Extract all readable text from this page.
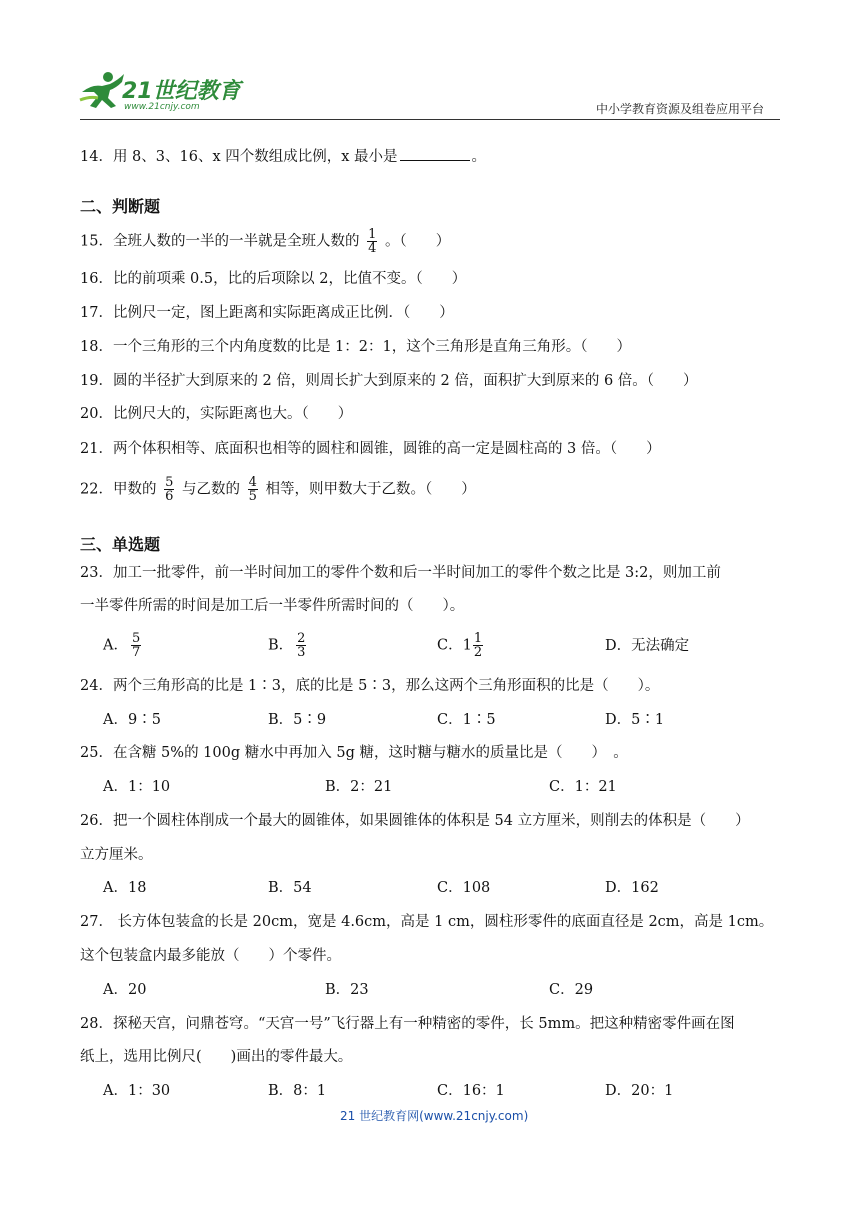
21世纪教育
www.21cnjy.com	中小学教育资源及组卷应用平台
14．用 8、3、16、x 四个数组成比例，x 最小是	。
二、判断题
15．全班人数的一半的一半就是全班人数的 $\frac{1}{4}$ 。（　　）
16．比的前项乘 0.5，比的后项除以 2，比值不变。（　　）
17．比例尺一定，图上距离和实际距离成正比例．（　　）
18．一个三角形的三个内角度数的比是 1：2：1，这个三角形是直角三角形。（　　）
19．圆的半径扩大到原来的 2 倍，则周长扩大到原来的 2 倍，面积扩大到原来的 6 倍。（　　）
20．比例尺大的，实际距离也大。（　　）
21．两个体积相等、底面积也相等的圆柱和圆锥，圆锥的高一定是圆柱高的 3 倍。（　　）
22．甲数的 $\frac{5}{6}$ 与乙数的 $\frac{4}{5}$ 相等，则甲数大于乙数。（　　）
三、单选题
23．加工一批零件，前一半时间加工的零件个数和后一半时间加工的零件个数之比是 3:2，则加工前
一半零件所需的时间是加工后一半零件所需时间的（　　）。
A． $\frac{5}{7}$	B． $\frac{2}{3}$	C．$1 \frac{1}{2}$	D．无法确定
24．两个三角形高的比是 1∶3，底的比是 5∶3，那么这两个三角形面积的比是（　　）。
A．9∶5	B．5∶9	C．1∶5	D．5∶1
25．在含糖 5%的 100g 糖水中再加入 5g 糖，这时糖与糖水的质量比是（　　）　。
A．1：10	B．2：21	C．1：21
26．把一个圆柱体削成一个最大的圆锥体，如果圆锥体的体积是 54 立方厘米，则削去的体积是（　　）
立方厘米。
A．18	B．54	C．108	D．162
27． 长方体包装盒的长是 20cm，宽是 4.6cm，高是 1 cm，圆柱形零件的底面直径是 2cm，高是 1cm。
这个包装盒内最多能放（　　）个零件。
A．20	B．23	C．29
28．探秘天宫，问鼎苍穹。“天宫一号”飞行器上有一种精密的零件，长 5mm。把这种精密零件画在图
纸上，选用比例尺(　　)画出的零件最大。
A．1：30	B．8：1	C．16：1	D．20：1
21 世纪教育网(www.21cnjy.com)
